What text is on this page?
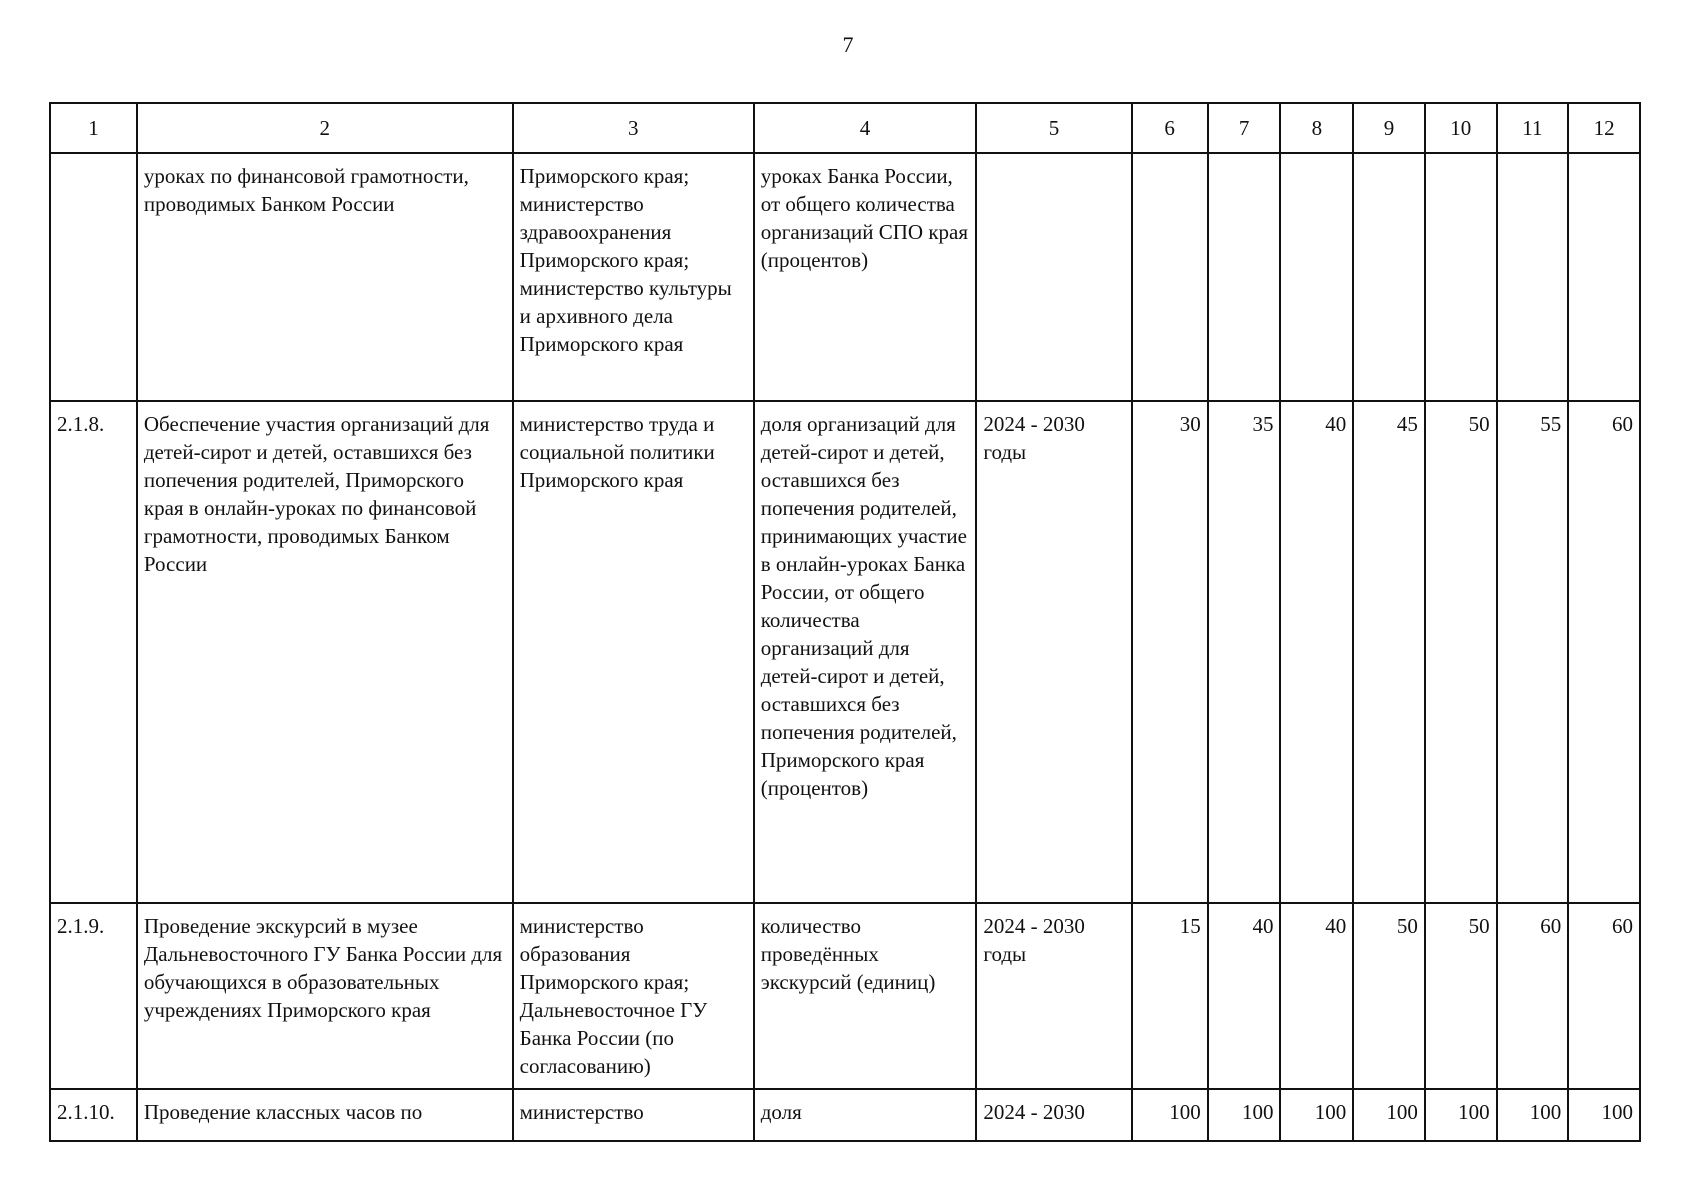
7
1	2	3	4	5	6	7	8	9	10	11	12
	уроках по финансовой грамотности, проводимых Банком России	Приморского края; министерство здравоохранения Приморского края; министерство культуры и архивного дела Приморского края	уроках Банка России, от общего количества организаций СПО края (процентов)								
2.1.8.	Обеспечение участия организаций для детей-сирот и детей, оставшихся без попечения родителей, Приморского края в онлайн-уроках по финансовой грамотности, проводимых Банком России	министерство труда и социальной политики Приморского края	доля организаций для детей-сирот и детей, оставшихся без попечения родителей, принимающих участие в онлайн-уроках Банка России, от общего количества организаций для детей-сирот и детей, оставшихся без попечения родителей, Приморского края (процентов)	2024 - 2030 годы	30	35	40	45	50	55	60
2.1.9.	Проведение экскурсий в музее Дальневосточного ГУ Банка России для обучающихся в образовательных учреждениях Приморского края	министерство образования Приморского края; Дальневосточное ГУ Банка России (по согласованию)	количество проведённых экскурсий (единиц)	2024 - 2030 годы	15	40	40	50	50	60	60
2.1.10.	Проведение классных часов по	министерство	доля	2024 - 2030	100	100	100	100	100	100	100
